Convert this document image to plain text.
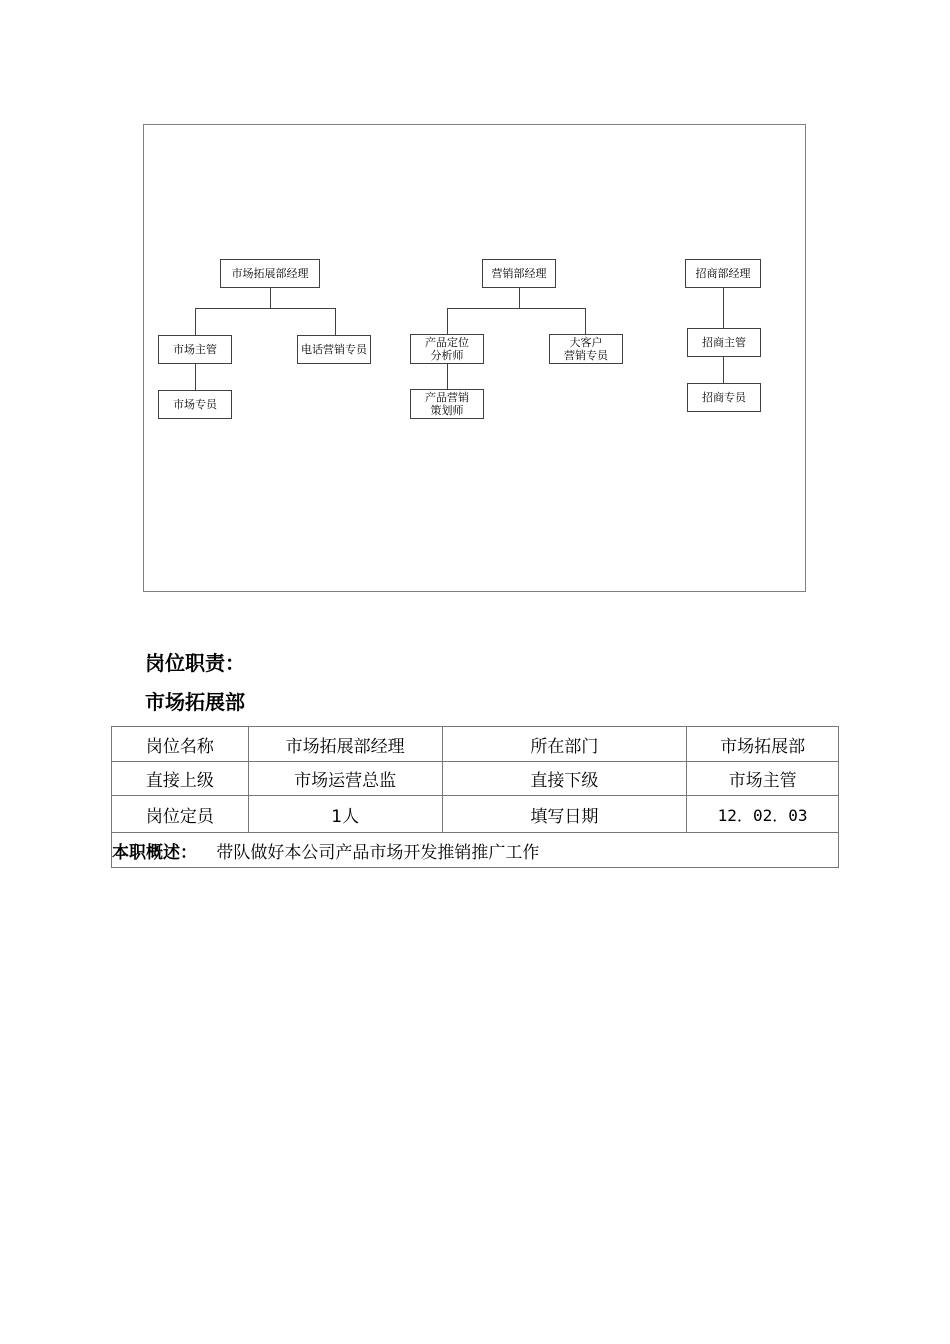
市场拓展部经理
市场主管	电话营销专员
市场专员
营销部经理
产品定位
分析师
大客户
营销专员
产品营销
策划师
招商部经理
招商主管
招商专员
岗位职责：
市场拓展部
岗位名称	市场拓展部经理	所在部门	市场拓展部
直接上级	市场运营总监	直接下级	市场主管
岗位定员	1人	填写日期	12．02．03
本职概述： 带队做好本公司产品市场开发推销推广工作			
